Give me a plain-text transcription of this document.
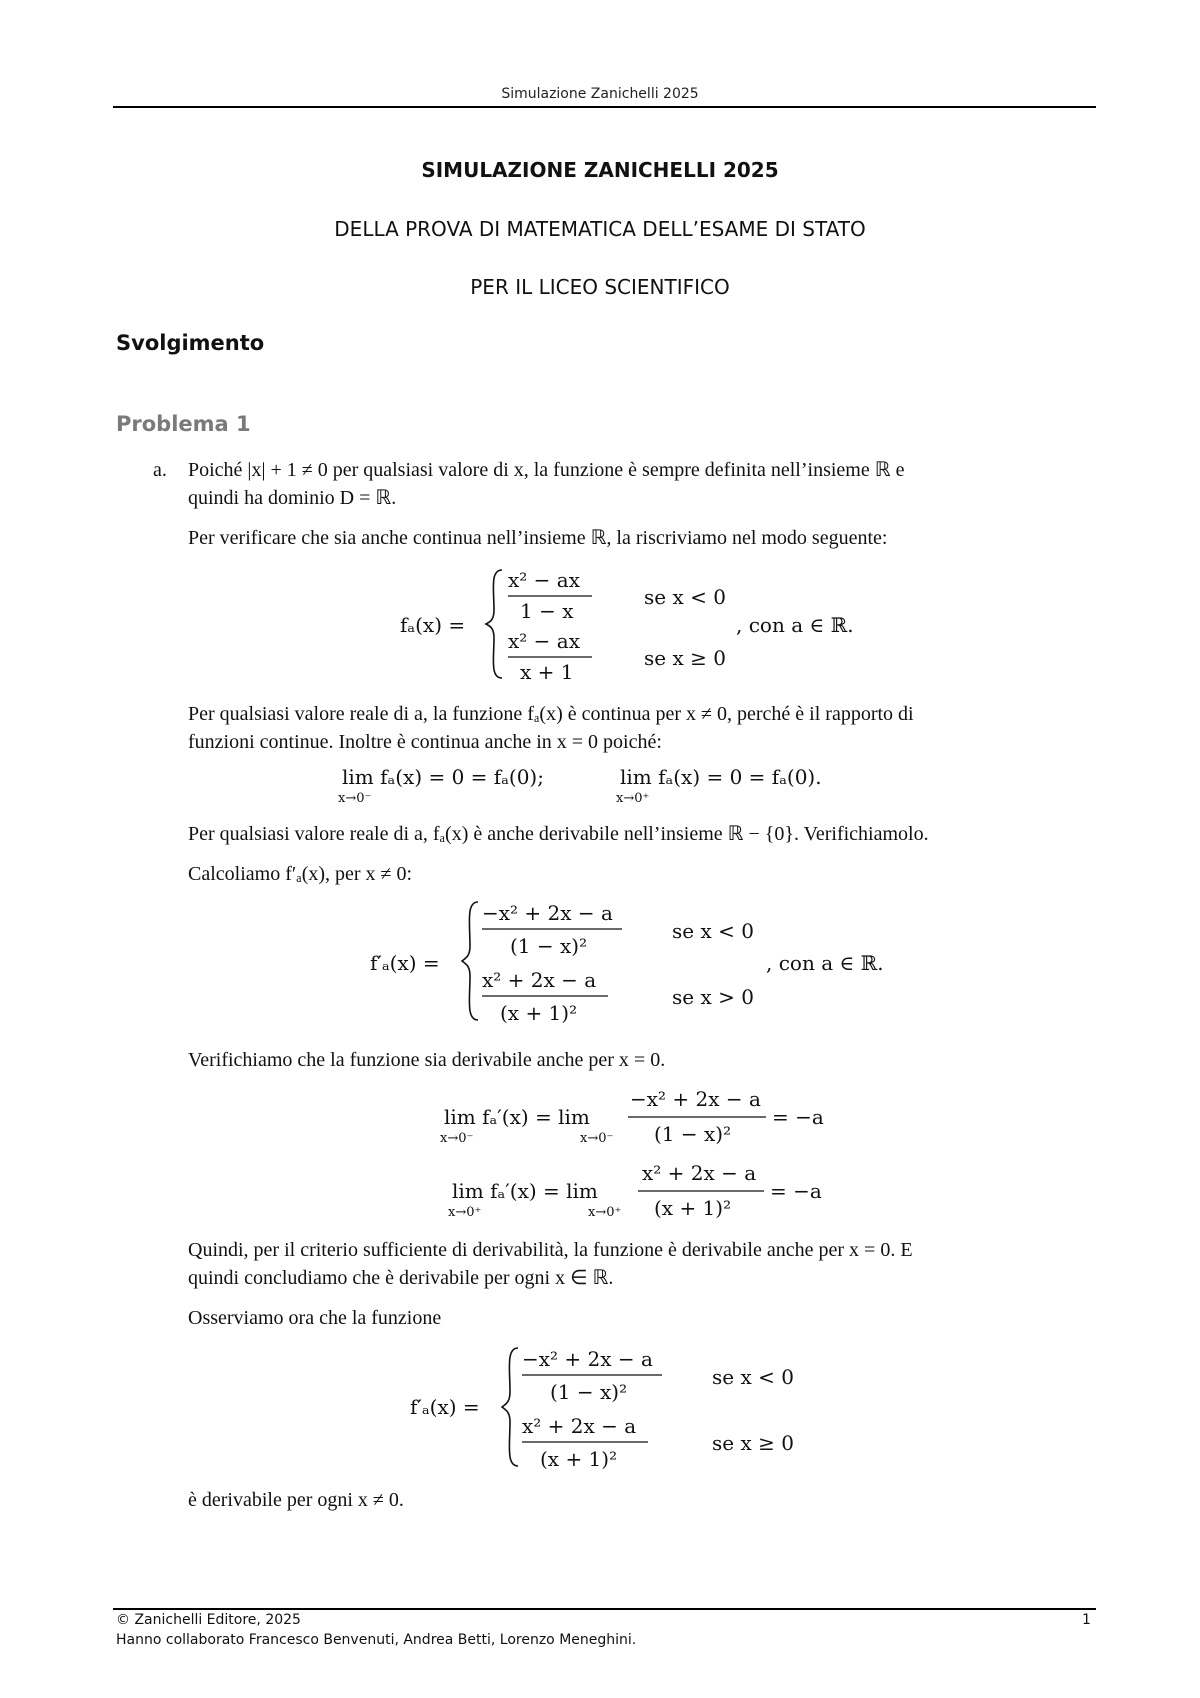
Simulazione Zanichelli 2025
SIMULAZIONE ZANICHELLI 2025
DELLA PROVA DI MATEMATICA DELL’ESAME DI STATO
PER IL LICEO SCIENTIFICO
Svolgimento
Problema 1
a. Poiché |x| + 1 ≠ 0 per qualsiasi valore di x, la funzione è sempre definita nell’insieme ℝ e
quindi ha dominio D = ℝ.
Per verificare che sia anche continua nell’insieme ℝ, la riscriviamo nel modo seguente:
fₐ(x) =
x² − ax
1 − x
x² − ax
x + 1
se x < 0
se x ≥ 0
, con a ∈ ℝ.
Per qualsiasi valore reale di a, la funzione fₐ(x) è continua per x ≠ 0, perché è il rapporto di
funzioni continue. Inoltre è continua anche in x = 0 poiché:
lim fₐ(x) = 0 = fₐ(0);
x→0⁻
lim fₐ(x) = 0 = fₐ(0).
x→0⁺
Per qualsiasi valore reale di a, fₐ(x) è anche derivabile nell’insieme ℝ − {0}. Verifichiamolo.
Calcoliamo f′ₐ(x), per x ≠ 0:
f′ₐ(x) =
−x² + 2x − a
(1 − x)²
x² + 2x − a
(x + 1)²
se x < 0
se x > 0
, con a ∈ ℝ.
Verifichiamo che la funzione sia derivabile anche per x = 0.
lim fₐ′(x) = lim
x→0⁻	x→0⁻
−x² + 2x − a
(1 − x)²
= −a
lim fₐ′(x) = lim
x→0⁺	x→0⁺
x² + 2x − a
(x + 1)²
= −a
Quindi, per il criterio sufficiente di derivabilità, la funzione è derivabile anche per x = 0. E
quindi concludiamo che è derivabile per ogni x ∈ ℝ.
Osserviamo ora che la funzione
f′ₐ(x) =
−x² + 2x − a
(1 − x)²
x² + 2x − a
(x + 1)²
se x < 0
se x ≥ 0
è derivabile per ogni x ≠ 0.
© Zanichelli Editore, 2025
Hanno collaborato Francesco Benvenuti, Andrea Betti, Lorenzo Meneghini.
1
